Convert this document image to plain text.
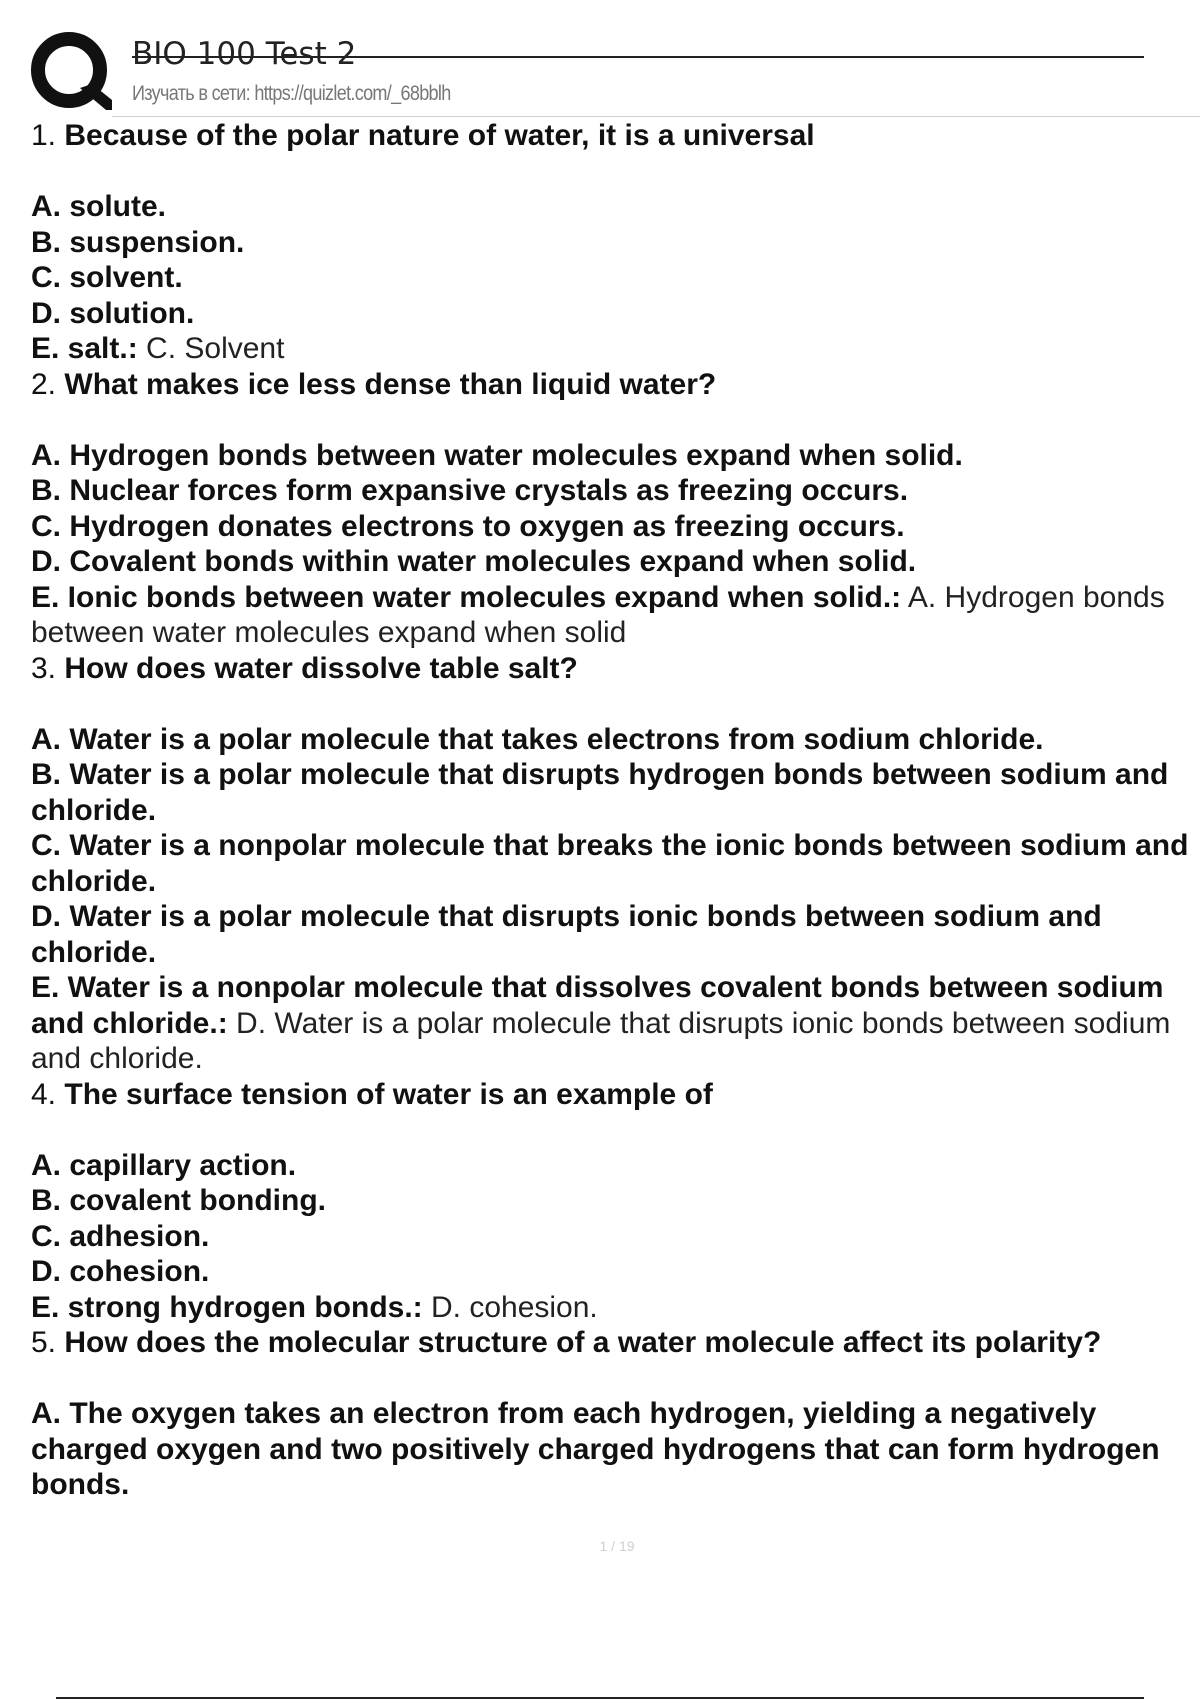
BIO 100 Test 2
Изучать в сети: https://quizlet.com/_68bblh

1. Because of the polar nature of water, it is a universal

A. solute.

B. suspension.

C. solvent.

D. solution.

E. salt.: C. Solvent

2. What makes ice less dense than liquid water?

A. Hydrogen bonds between water molecules expand when solid.

B. Nuclear forces form expansive crystals as freezing occurs.

C. Hydrogen donates electrons to oxygen as freezing occurs.

D. Covalent bonds within water molecules expand when solid.

E. Ionic bonds between water molecules expand when solid.: A. Hydrogen bonds between water molecules expand when solid

3. How does water dissolve table salt?

A. Water is a polar molecule that takes electrons from sodium chloride.

B. Water is a polar molecule that disrupts hydrogen bonds between sodium and chloride.

C. Water is a nonpolar molecule that breaks the ionic bonds between sodium and chloride.

D. Water is a polar molecule that disrupts ionic bonds between sodium and chloride.

E. Water is a nonpolar molecule that dissolves covalent bonds between sodium and chloride.: D. Water is a polar molecule that disrupts ionic bonds between sodium and chloride.

4. The surface tension of water is an example of

A. capillary action.

B. covalent bonding.

C. adhesion.

D. cohesion.

E. strong hydrogen bonds.: D. cohesion.

5. How does the molecular structure of a water molecule affect its polarity?

A. The oxygen takes an electron from each hydrogen, yielding a negatively charged oxygen and two positively charged hydrogens that can form hydrogen bonds.

1 / 19
